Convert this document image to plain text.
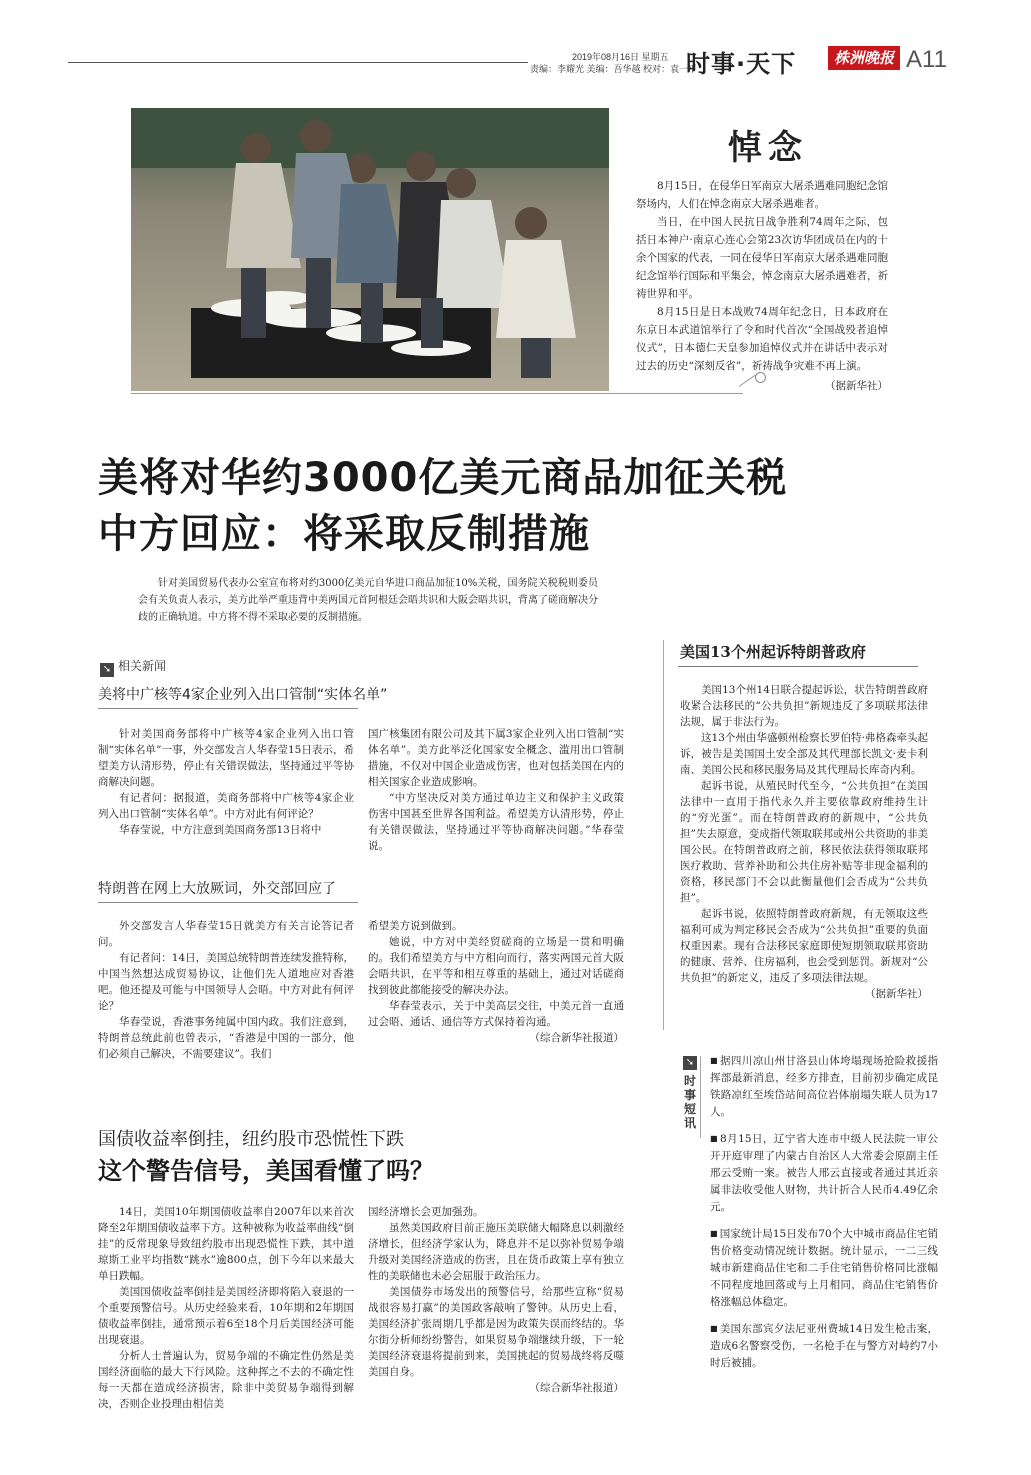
2019年08月16日 星期五
责编：李耀光 美编：吾华越 校对：袁一平
时事·天下	株洲晚报 A11
悼念

8月15日，在侵华日军南京大屠杀遇难同胞纪念馆祭场内，人们在悼念南京大屠杀遇难者。

当日，在中国人民抗日战争胜利74周年之际，包括日本神户·南京心连心会第23次访华团成员在内的十余个国家的代表，一同在侵华日军南京大屠杀遇难同胞纪念馆举行国际和平集会，悼念南京大屠杀遇难者，祈祷世界和平。

8月15日是日本战败74周年纪念日，日本政府在东京日本武道馆举行了令和时代首次“全国战殁者追悼仪式”，日本德仁天皇参加追悼仪式并在讲话中表示对过去的历史“深刻反省”，祈祷战争灾难不再上演。

（据新华社）
美将对华约3000亿美元商品加征关税
中方回应：将采取反制措施
针对美国贸易代表办公室宣布将对约3000亿美元自华进口商品加征10%关税，国务院关税税则委员会有关负责人表示，美方此举严重违背中美两国元首阿根廷会晤共识和大阪会晤共识，背离了磋商解决分歧的正确轨道。中方将不得不采取必要的反制措施。
➘ 相关新闻
美将中广核等4家企业列入出口管制“实体名单”

针对美国商务部将中广核等4家企业列入出口管制“实体名单”一事，外交部发言人华春莹15日表示，希望美方认清形势，停止有关错误做法，坚持通过平等协商解决问题。

有记者问：据报道，美商务部将中广核等4家企业列入出口管制“实体名单”。中方对此有何评论？

华春莹说，中方注意到美国商务部13日将中

国广核集团有限公司及其下属3家企业列入出口管制“实体名单”。美方此举泛化国家安全概念、滥用出口管制措施，不仅对中国企业造成伤害，也对包括美国在内的相关国家企业造成影响。

“中方坚决反对美方通过单边主义和保护主义政策伤害中国甚至世界各国利益。希望美方认清形势，停止有关错误做法，坚持通过平等协商解决问题。”华春莹说。

特朗普在网上大放厥词，外交部回应了

外交部发言人华春莹15日就美方有关言论答记者问。

有记者问：14日，美国总统特朗普连续发推特称，中国当然想达成贸易协议，让他们先人道地应对香港吧。他还提及可能与中国领导人会晤。中方对此有何评论？

华春莹说，香港事务纯属中国内政。我们注意到，特朗普总统此前也曾表示，“香港是中国的一部分，他们必须自己解决，不需要建议”。我们

希望美方说到做到。

她说，中方对中美经贸磋商的立场是一贯和明确的。我们希望美方与中方相向而行，落实两国元首大阪会晤共识，在平等和相互尊重的基础上，通过对话磋商找到彼此都能接受的解决办法。

华春莹表示，关于中美高层交往，中美元首一直通过会晤、通话、通信等方式保持着沟通。

（综合新华社报道）

美国13个州起诉特朗普政府

美国13个州14日联合提起诉讼，状告特朗普政府收紧合法移民的“公共负担”新规违反了多项联邦法律法规，属于非法行为。

这13个州由华盛顿州检察长罗伯特·弗格森牵头起诉，被告是美国国土安全部及其代理部长凯文·麦卡利南、美国公民和移民服务局及其代理局长库奇内利。

起诉书说，从殖民时代至今，“公共负担”在美国法律中一直用于指代永久并主要依靠政府维持生计的“穷光蛋”。而在特朗普政府的新规中，“公共负担”失去原意，变成指代领取联邦或州公共资助的非美国公民。在特朗普政府之前，移民依法获得领取联邦医疗救助、营养补助和公共住房补贴等非现金福利的资格，移民部门不会以此衡量他们会否成为“公共负担”。

起诉书说，依照特朗普政府新规，有无领取这些福利可成为判定移民会否成为“公共负担”重要的负面权重因素。现有合法移民家庭即使短期领取联邦资助的健康、营养、住房福利，也会受到惩罚。新规对“公共负担”的新定义，违反了多项法律法规。

（据新华社）

国债收益率倒挂，纽约股市恐慌性下跌
这个警告信号，美国看懂了吗？

14日，美国10年期国债收益率自2007年以来首次降至2年期国债收益率下方。这种被称为收益率曲线“倒挂”的反常现象导致纽约股市出现恐慌性下跌，其中道琼斯工业平均指数“跳水”逾800点，创下今年以来最大单日跌幅。

美国国债收益率倒挂是美国经济即将陷入衰退的一个重要预警信号。从历史经验来看，10年期和2年期国债收益率倒挂，通常预示着6至18个月后美国经济可能出现衰退。

分析人士普遍认为，贸易争端的不确定性仍然是美国经济面临的最大下行风险。这种挥之不去的不确定性每一天都在造成经济损害，除非中美贸易争端得到解决，否则企业投理由相信美

国经济增长会更加强劲。

虽然美国政府目前正施压美联储大幅降息以刺激经济增长，但经济学家认为，降息并不足以弥补贸易争端升级对美国经济造成的伤害，且在货币政策上享有独立性的美联储也未必会屈服于政治压力。

美国债券市场发出的预警信号，给那些宣称“贸易战很容易打赢”的美国政客敲响了警钟。从历史上看，美国经济扩张周期几乎都是因为政策失误而终结的。华尔街分析师纷纷警告，如果贸易争端继续升级，下一轮美国经济衰退将提前到来，美国挑起的贸易战终将反噬美国自身。

（综合新华社报道）

➘
时事短讯
■ 据四川凉山州甘洛县山体垮塌现场抢险救援指挥部最新消息，经多方排查，目前初步确定成昆铁路凉红至埃岱站间高位岩体崩塌失联人员为17人。
■ 8月15日，辽宁省大连市中级人民法院一审公开开庭审理了内蒙古自治区人大常委会原副主任邢云受贿一案。被告人邢云直接或者通过其近亲属非法收受他人财物，共计折合人民币4.49亿余元。
■ 国家统计局15日发布70个大中城市商品住宅销售价格变动情况统计数据。统计显示，一二三线城市新建商品住宅和二手住宅销售价格同比涨幅不同程度地回落或与上月相同，商品住宅销售价格涨幅总体稳定。
■ 美国东部宾夕法尼亚州费城14日发生枪击案，造成6名警察受伤，一名枪手在与警方对峙约7小时后被捕。
